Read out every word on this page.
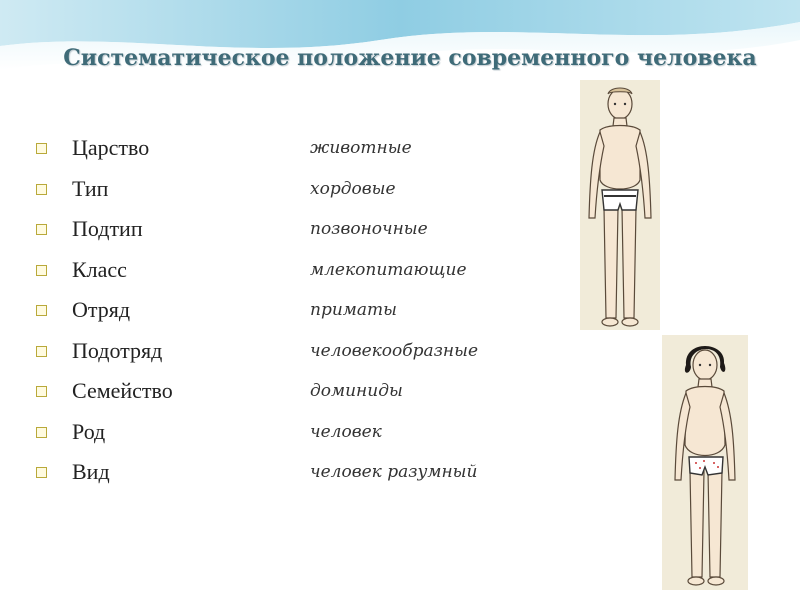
Систематическое положение современного человека
Царство	животные
Тип	хордовые
Подтип	позвоночные
Класс	млекопитающие
Отряд	приматы
Подотряд	человекообразные
Семейство	доминиды
Род	человек
Вид	человек разумный
